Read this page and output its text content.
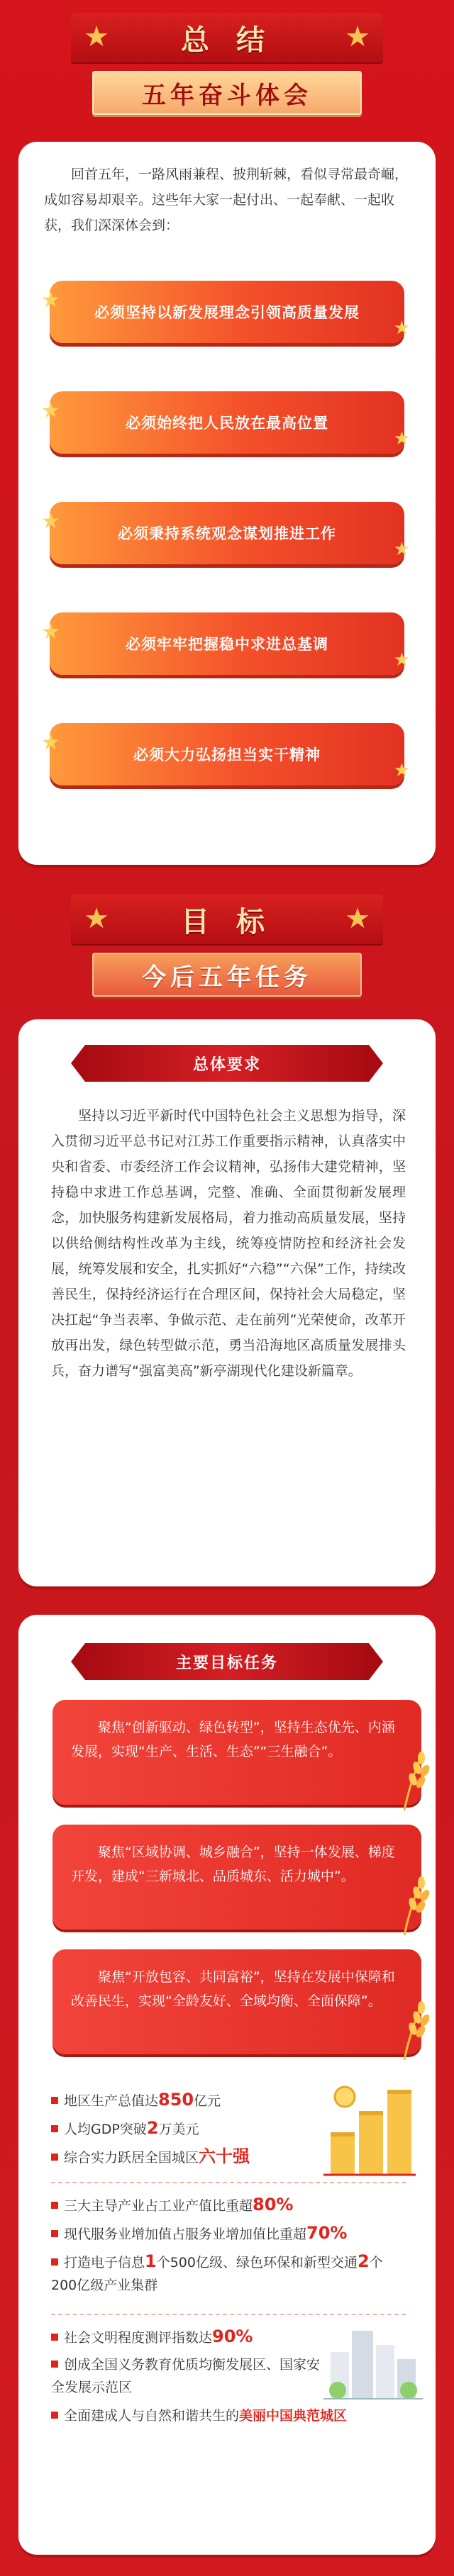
★	总 结	★
五年奋斗体会

回首五年，一路风雨兼程、披荆斩棘，看似寻常最奇崛，成如容易却艰辛。这些年大家一起付出、一起奉献、一起收获，我们深深体会到：

★ 必须坚持以新发展理念引领高质量发展
★
★	必须始终把人民放在最高位置
★
★	必须秉持系统观念谋划推进工作
★
★	必须牢牢把握稳中求进总基调
★
★	必须大力弘扬担当实干精神
★
★	目 标	★
今后五年任务
总体要求

坚持以习近平新时代中国特色社会主义思想为指导，深入贯彻习近平总书记对江苏工作重要指示精神，认真落实中央和省委、市委经济工作会议精神，弘扬伟大建党精神，坚持稳中求进工作总基调，完整、准确、全面贯彻新发展理念，加快服务构建新发展格局，着力推动高质量发展，坚持以供给侧结构性改革为主线，统筹疫情防控和经济社会发展，统筹发展和安全，扎实抓好“六稳”“六保”工作，持续改善民生，保持经济运行在合理区间，保持社会大局稳定，坚决扛起“争当表率、争做示范、走在前列”光荣使命，改革开放再出发，绿色转型做示范，勇当沿海地区高质量发展排头兵，奋力谱写“强富美高”新亭湖现代化建设新篇章。

主要目标任务

聚焦“创新驱动、绿色转型”，坚持生态优先、内涵发展，实现“生产、生活、生态”“三生融合”。

聚焦“区域协调、城乡融合”，坚持一体发展、梯度开发，建成“三新城北、品质城东、活力城中”。

聚焦“开放包容、共同富裕”，坚持在发展中保障和改善民生，实现“全龄友好、全域均衡、全面保障”。

地区生产总值达850亿元
人均GDP突破2万美元
综合实力跃居全国城区六十强
三大主导产业占工业产值比重超80%
现代服务业增加值占服务业增加值比重超70%
打造电子信息1个500亿级、绿色环保和新型交通2个200亿级产业集群
社会文明程度测评指数达90%
创成全国义务教育优质均衡发展区、国家安全发展示范区
全面建成人与自然和谐共生的美丽中国典范城区
